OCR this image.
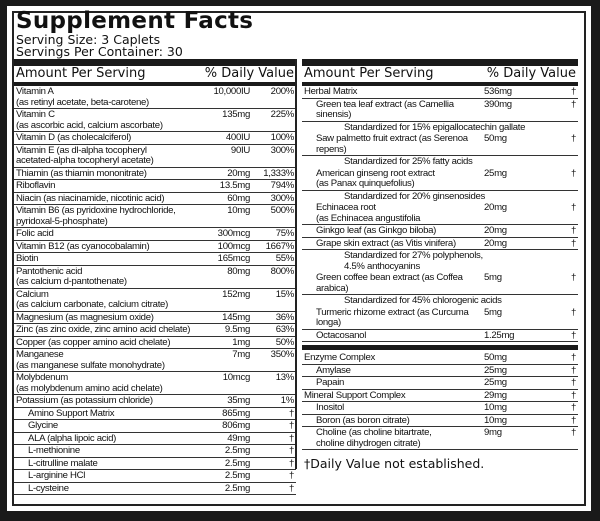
Supplement Facts
Serving Size: 3 Caplets
Servings Per Container: 30
Amount Per Serving	% Daily Value
Vitamin A
(as retinyl acetate, beta-carotene)
10,000IU	200%
Vitamin C
(as ascorbic acid, calcium ascorbate)
135mg	225%
Vitamin D (as cholecalciferol)	400IU	100%
Vitamin E (as dl-alpha tocopheryl
acetated-alpha tocopheryl acetate)
90IU	300%
Thiamin (as thiamin mononitrate)	20mg	1,333%
Riboflavin	13.5mg	794%
Niacin (as niacinamide, nicotinic acid)	60mg	300%
Vitamin B6 (as pyridoxine hydrochloride,
pyridoxal-5-phosphate)
10mg	500%
Folic acid	300mcg	75%
Vitamin B12 (as cyanocobalamin)	100mcg	1667%
Biotin	165mcg	55%
Pantothenic acid
(as calcium d-pantothenate)
80mg	800%
Calcium
(as calcium carbonate, calcium citrate)
152mg	15%
Magnesium (as magnesium oxide)	145mg	36%
Zinc (as zinc oxide, zinc amino acid chelate)	9.5mg	63%
Copper (as copper amino acid chelate)	1mg	50%
Manganese
(as manganese sulfate monohydrate)
7mg	350%
Molybdenum
(as molybdenum amino acid chelate)
10mcg	13%
Potassium (as potassium chloride)	35mg	1%
Amino Support Matrix	865mg	†
Glycine	806mg	†
ALA (alpha lipoic acid)	49mg	†
L-methionine	2.5mg	†
L-citrulline malate	2.5mg	†
L-arginine HCl	2.5mg	†
L-cysteine	2.5mg	†
Amount Per Serving	% Daily Value
Herbal Matrix	536mg	†
Green tea leaf extract (as Camellia sinensis)
390mg	†
Standardized for 15% epigallocatechin gallate
Saw palmetto fruit extract (as Serenoa repens)
50mg	†
Standardized for 25% fatty acids
American ginseng root extract
(as Panax quinquefolius)
25mg	†
Standardized for 20% ginsenosides
Echinacea root
(as Echinacea angustifolia
20mg	†
Ginkgo leaf (as Ginkgo biloba)	20mg	†
Grape skin extract (as Vitis vinifera)	20mg	†
Standardized for 27% polyphenols,
4.5% anthocyanins
Green coffee bean extract (as Coffea arabica)
5mg	†
Standardized for 45% chlorogenic acids
Turmeric rhizome extract (as Curcuma longa)
5mg	†
Octacosanol	1.25mg	†
Enzyme Complex	50mg	†
Amylase	25mg	†
Papain	25mg	†
Mineral Support Complex	29mg	†
Inositol	10mg	†
Boron (as boron citrate)	10mg	†
Choline (as choline bitartrate,
choline dihydrogen citrate)
9mg	†
†Daily Value not established.
